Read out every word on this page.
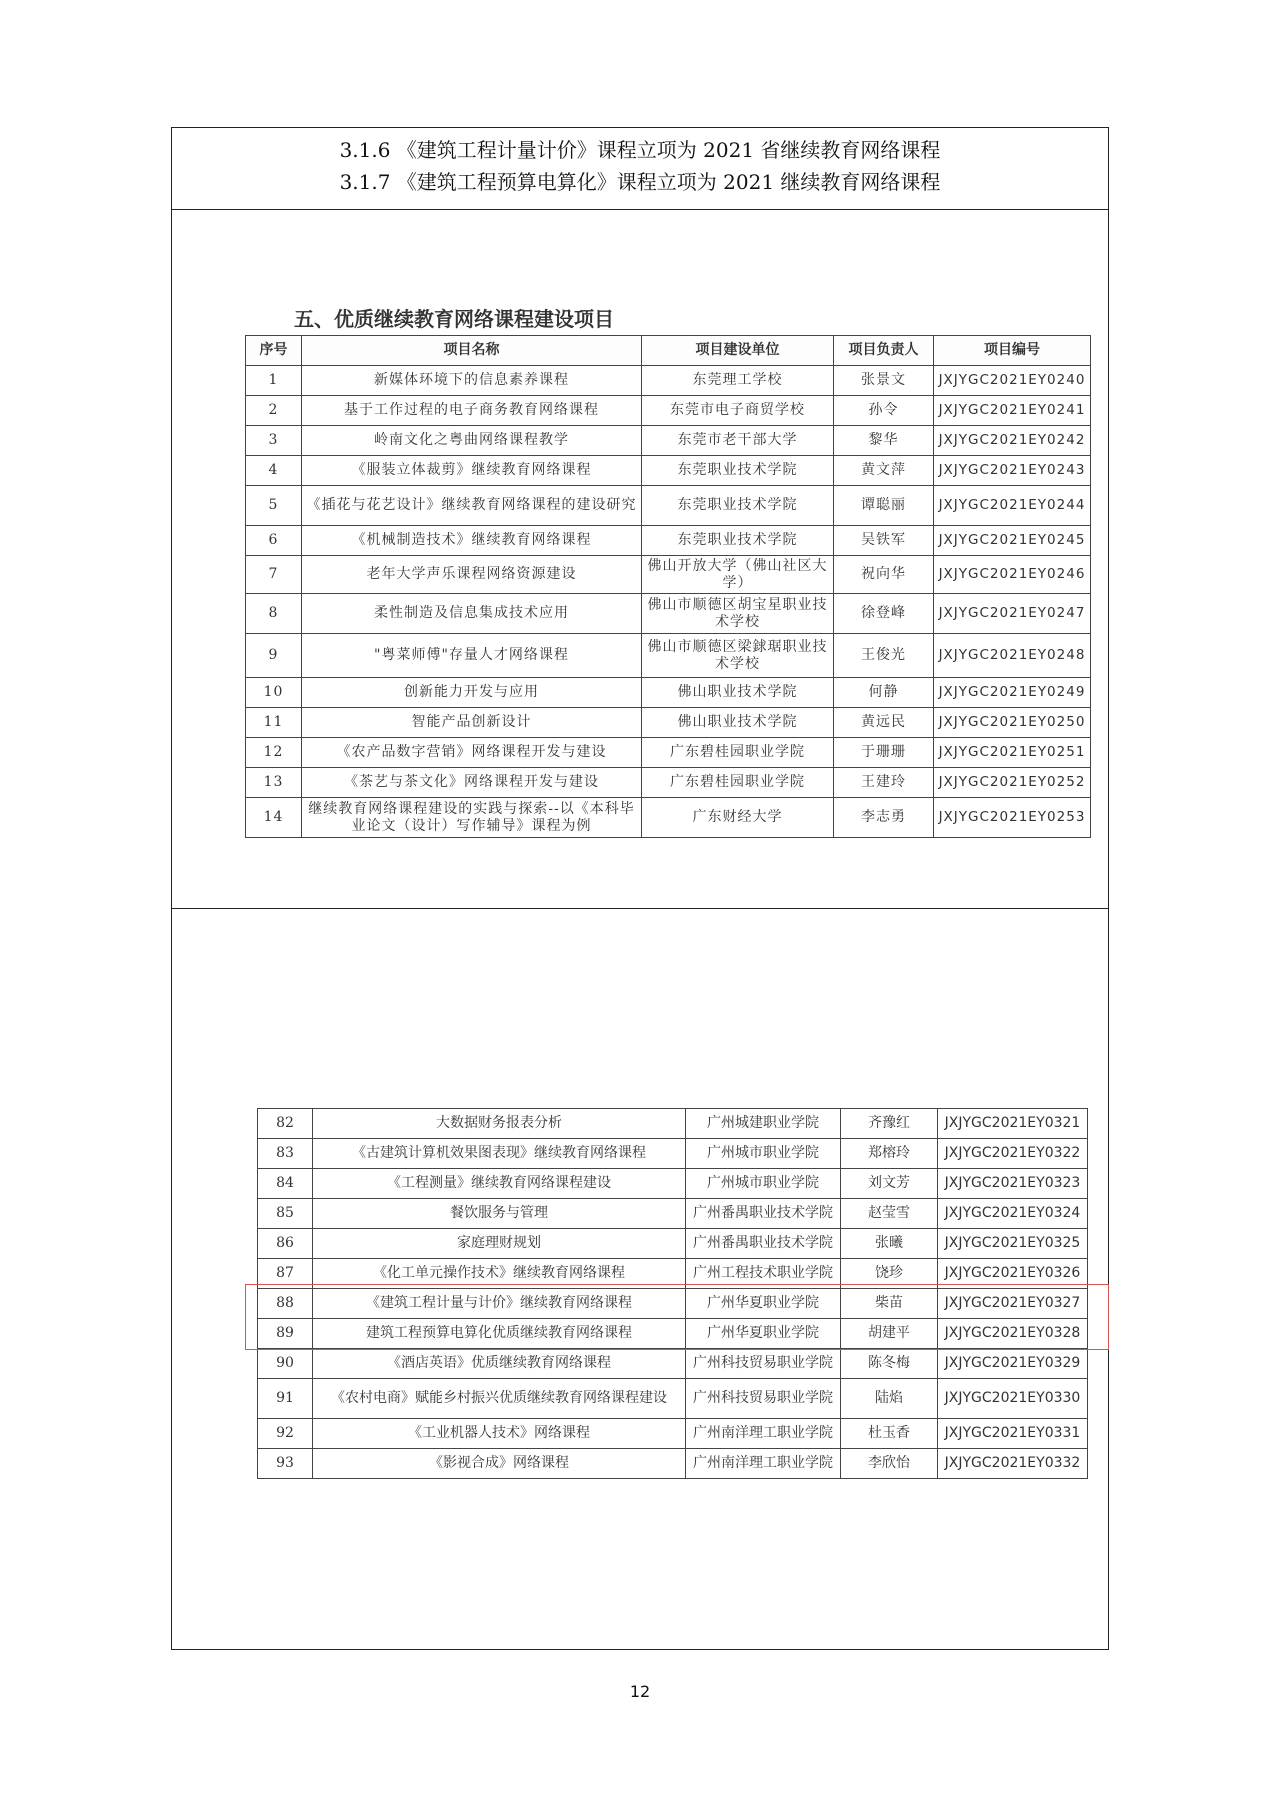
3.1.6 《建筑工程计量计价》课程立项为 2021 省继续教育网络课程
3.1.7 《建筑工程预算电算化》课程立项为 2021 继续教育网络课程
五、优质继续教育网络课程建设项目
序号	项目名称	项目建设单位	项目负责人	项目编号
1	新媒体环境下的信息素养课程	东莞理工学校	张景文	JXJYGC2021EY0240
2	基于工作过程的电子商务教育网络课程	东莞市电子商贸学校	孙令	JXJYGC2021EY0241
3	岭南文化之粤曲网络课程教学	东莞市老干部大学	黎华	JXJYGC2021EY0242
4	《服装立体裁剪》继续教育网络课程	东莞职业技术学院	黄文萍	JXJYGC2021EY0243
5	《插花与花艺设计》继续教育网络课程的建设研究	东莞职业技术学院	谭聪丽	JXJYGC2021EY0244
6	《机械制造技术》继续教育网络课程	东莞职业技术学院	吴铁军	JXJYGC2021EY0245
7	老年大学声乐课程网络资源建设	佛山开放大学（佛山社区大学）	祝向华	JXJYGC2021EY0246
8	柔性制造及信息集成技术应用	佛山市顺德区胡宝星职业技术学校	徐登峰	JXJYGC2021EY0247
9	"粤菜师傅"存量人才网络课程	佛山市顺德区梁銶琚职业技术学校	王俊光	JXJYGC2021EY0248
10	创新能力开发与应用	佛山职业技术学院	何静	JXJYGC2021EY0249
11	智能产品创新设计	佛山职业技术学院	黄远民	JXJYGC2021EY0250
12	《农产品数字营销》网络课程开发与建设	广东碧桂园职业学院	于珊珊	JXJYGC2021EY0251
13	《茶艺与茶文化》网络课程开发与建设	广东碧桂园职业学院	王建玲	JXJYGC2021EY0252
14	继续教育网络课程建设的实践与探索--以《本科毕业论文（设计）写作辅导》课程为例	广东财经大学	李志勇	JXJYGC2021EY0253
82	大数据财务报表分析	广州城建职业学院	齐豫红	JXJYGC2021EY0321
83	《古建筑计算机效果图表现》继续教育网络课程	广州城市职业学院	郑榕玲	JXJYGC2021EY0322
84	《工程测量》继续教育网络课程建设	广州城市职业学院	刘文芳	JXJYGC2021EY0323
85	餐饮服务与管理	广州番禺职业技术学院	赵莹雪	JXJYGC2021EY0324
86	家庭理财规划	广州番禺职业技术学院	张曦	JXJYGC2021EY0325
87	《化工单元操作技术》继续教育网络课程	广州工程技术职业学院	饶珍	JXJYGC2021EY0326
88	《建筑工程计量与计价》继续教育网络课程	广州华夏职业学院	柴苗	JXJYGC2021EY0327
89	建筑工程预算电算化优质继续教育网络课程	广州华夏职业学院	胡建平	JXJYGC2021EY0328
90	《酒店英语》优质继续教育网络课程	广州科技贸易职业学院	陈冬梅	JXJYGC2021EY0329
91	《农村电商》赋能乡村振兴优质继续教育网络课程建设	广州科技贸易职业学院	陆焰	JXJYGC2021EY0330
92	《工业机器人技术》网络课程	广州南洋理工职业学院	杜玉香	JXJYGC2021EY0331
93	《影视合成》网络课程	广州南洋理工职业学院	李欣怡	JXJYGC2021EY0332
12
